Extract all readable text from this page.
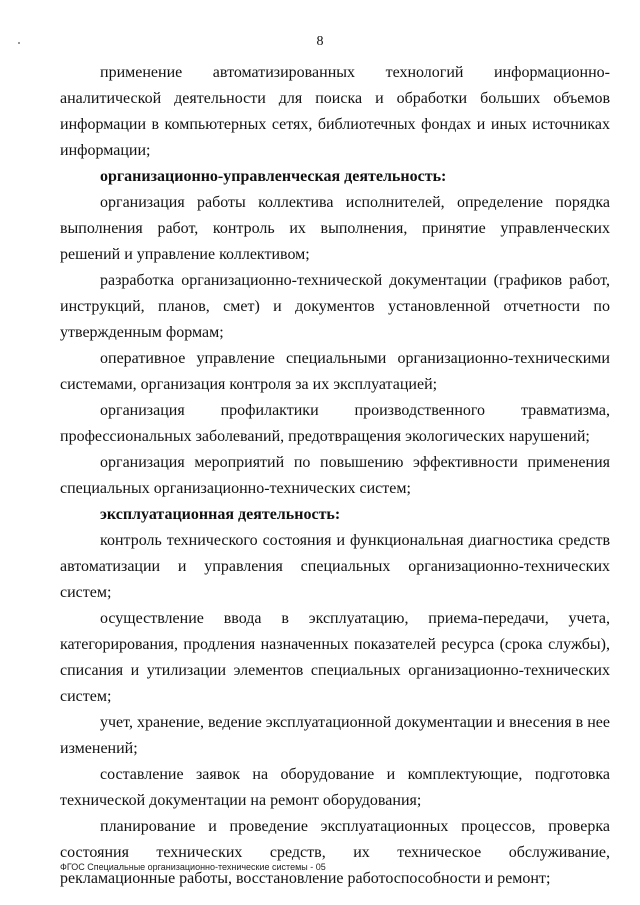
8

применение автоматизированных технологий информационно-аналитической деятельности для поиска и обработки больших объемов информации в компьютерных сетях, библиотечных фондах и иных источниках информации;

организационно-управленческая деятельность:

организация работы коллектива исполнителей, определение порядка выполнения работ, контроль их выполнения, принятие управленческих решений и управление коллективом;

разработка организационно-технической документации (графиков работ, инструкций, планов, смет) и документов установленной отчетности по утвержденным формам;

оперативное управление специальными организационно-техническими системами, организация контроля за их эксплуатацией;

организация профилактики производственного травматизма, профессиональных заболеваний, предотвращения экологических нарушений;

организация мероприятий по повышению эффективности применения специальных организационно-технических систем;

эксплуатационная деятельность:

контроль технического состояния и функциональная диагностика средств автоматизации и управления специальных организационно-технических систем;

осуществление ввода в эксплуатацию, приема-передачи, учета, категорирования, продления назначенных показателей ресурса (срока службы), списания и утилизации элементов специальных организационно-технических систем;

учет, хранение, ведение эксплуатационной документации и внесения в нее изменений;

составление заявок на оборудование и комплектующие, подготовка технической документации на ремонт оборудования;

планирование и проведение эксплуатационных процессов, проверка состояния технических средств, их техническое обслуживание, рекламационные работы, восстановление работоспособности и ремонт;

ФГОС Специальные организационно-технические системы - 05
